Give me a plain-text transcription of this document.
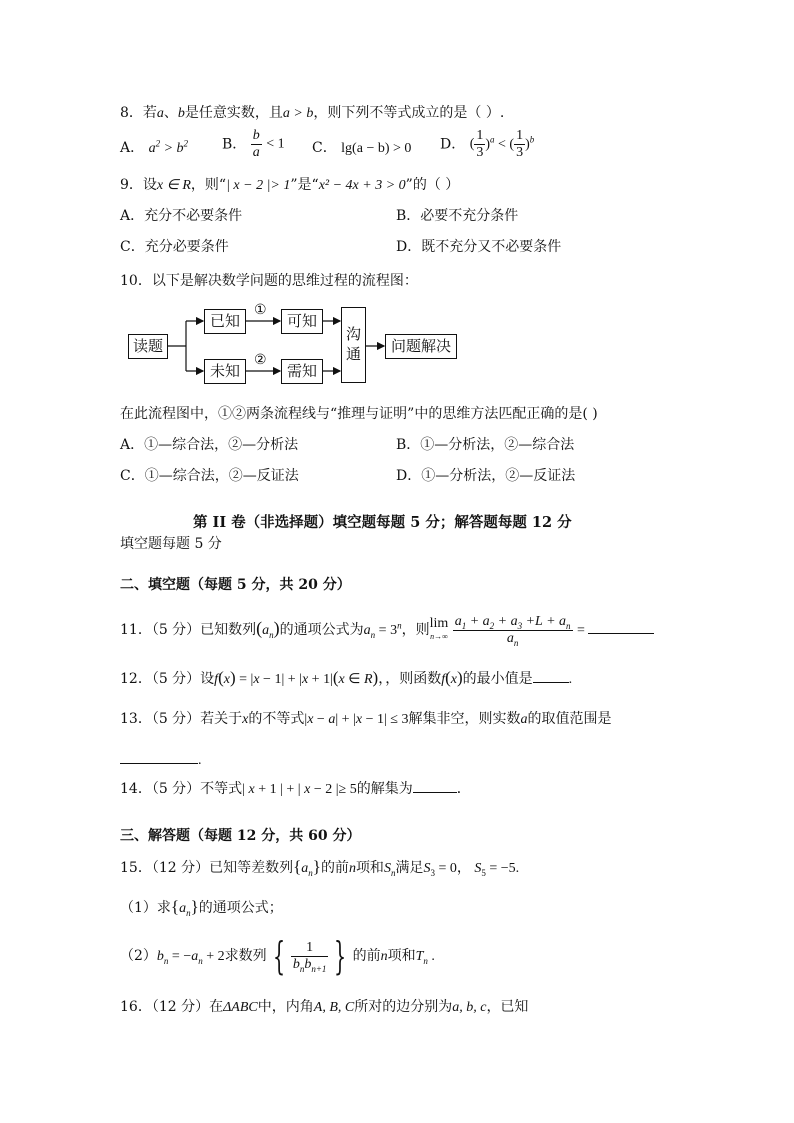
8．若a、b是任意实数，且a > b，则下列不等式成立的是（ ）.
A． $a^2 > b^2$ B． $\frac{b}{a} < 1$ C． lg(a − b) > 0 D． ( $\frac{1}{3} )^a$ < ( $\frac{1}{3} )^b$
9．设x ∈ R，则“| x − 2 |> 1”是“x² − 4x + 3 > 0”的（ ）
A．充分不必要条件	B．必要不充分条件
C．充分必要条件	D．既不充分又不必要条件
10．以下是解决数学问题的思维过程的流程图：
读题
已知
未知
可知
需知
沟
通	问题解决
①
②
在此流程图中，①②两条流程线与“推理与证明”中的思维方法匹配正确的是( )
A．①—综合法，②—分析法	B．①—分析法，②—综合法
C．①—综合法，②—反证法	D．①—分析法，②—反证法
第 II 卷（非选择题）填空题每题 5 分；解答题每题 12 分
填空题每题 5 分
二、填空题（每题 5 分，共 20 分）
11．（5 分）已知数列$(a_n)$的通项公式为$a_n = 3^n$，则lim
$n\to\infty \frac{a_1 + a_2 + a_3 +L + a_n}{a_n}$ =
12．（5 分）设f(x) = |x − 1| + |x + 1|(x ∈ R)，，则函数f(x)的最小值是	.
13．（5 分）若关于x的不等式|x − a| + |x − 1| ≤ 3解集非空，则实数a的取值范围是
.
14．（5 分）不等式| x + 1 | + | x − 2 |≥ 5的解集为	．
三、解答题（每题 12 分，共 60 分）
15．（12 分）已知等差数列$\{a_n\}$的前n项和$S_n$满足$S_3 = 0$， $S_5 = -5$.
（1）求$\{a_n\}$的通项公式；
$(2)b_n = -a_n + 2$求数列 { $\frac{1}{b_nb_{n+1}}$ } 的前n项和$T_n$ .
16．（12 分）在ΔABC中，内角A, B, C所对的边分别为a, b, c，已知
